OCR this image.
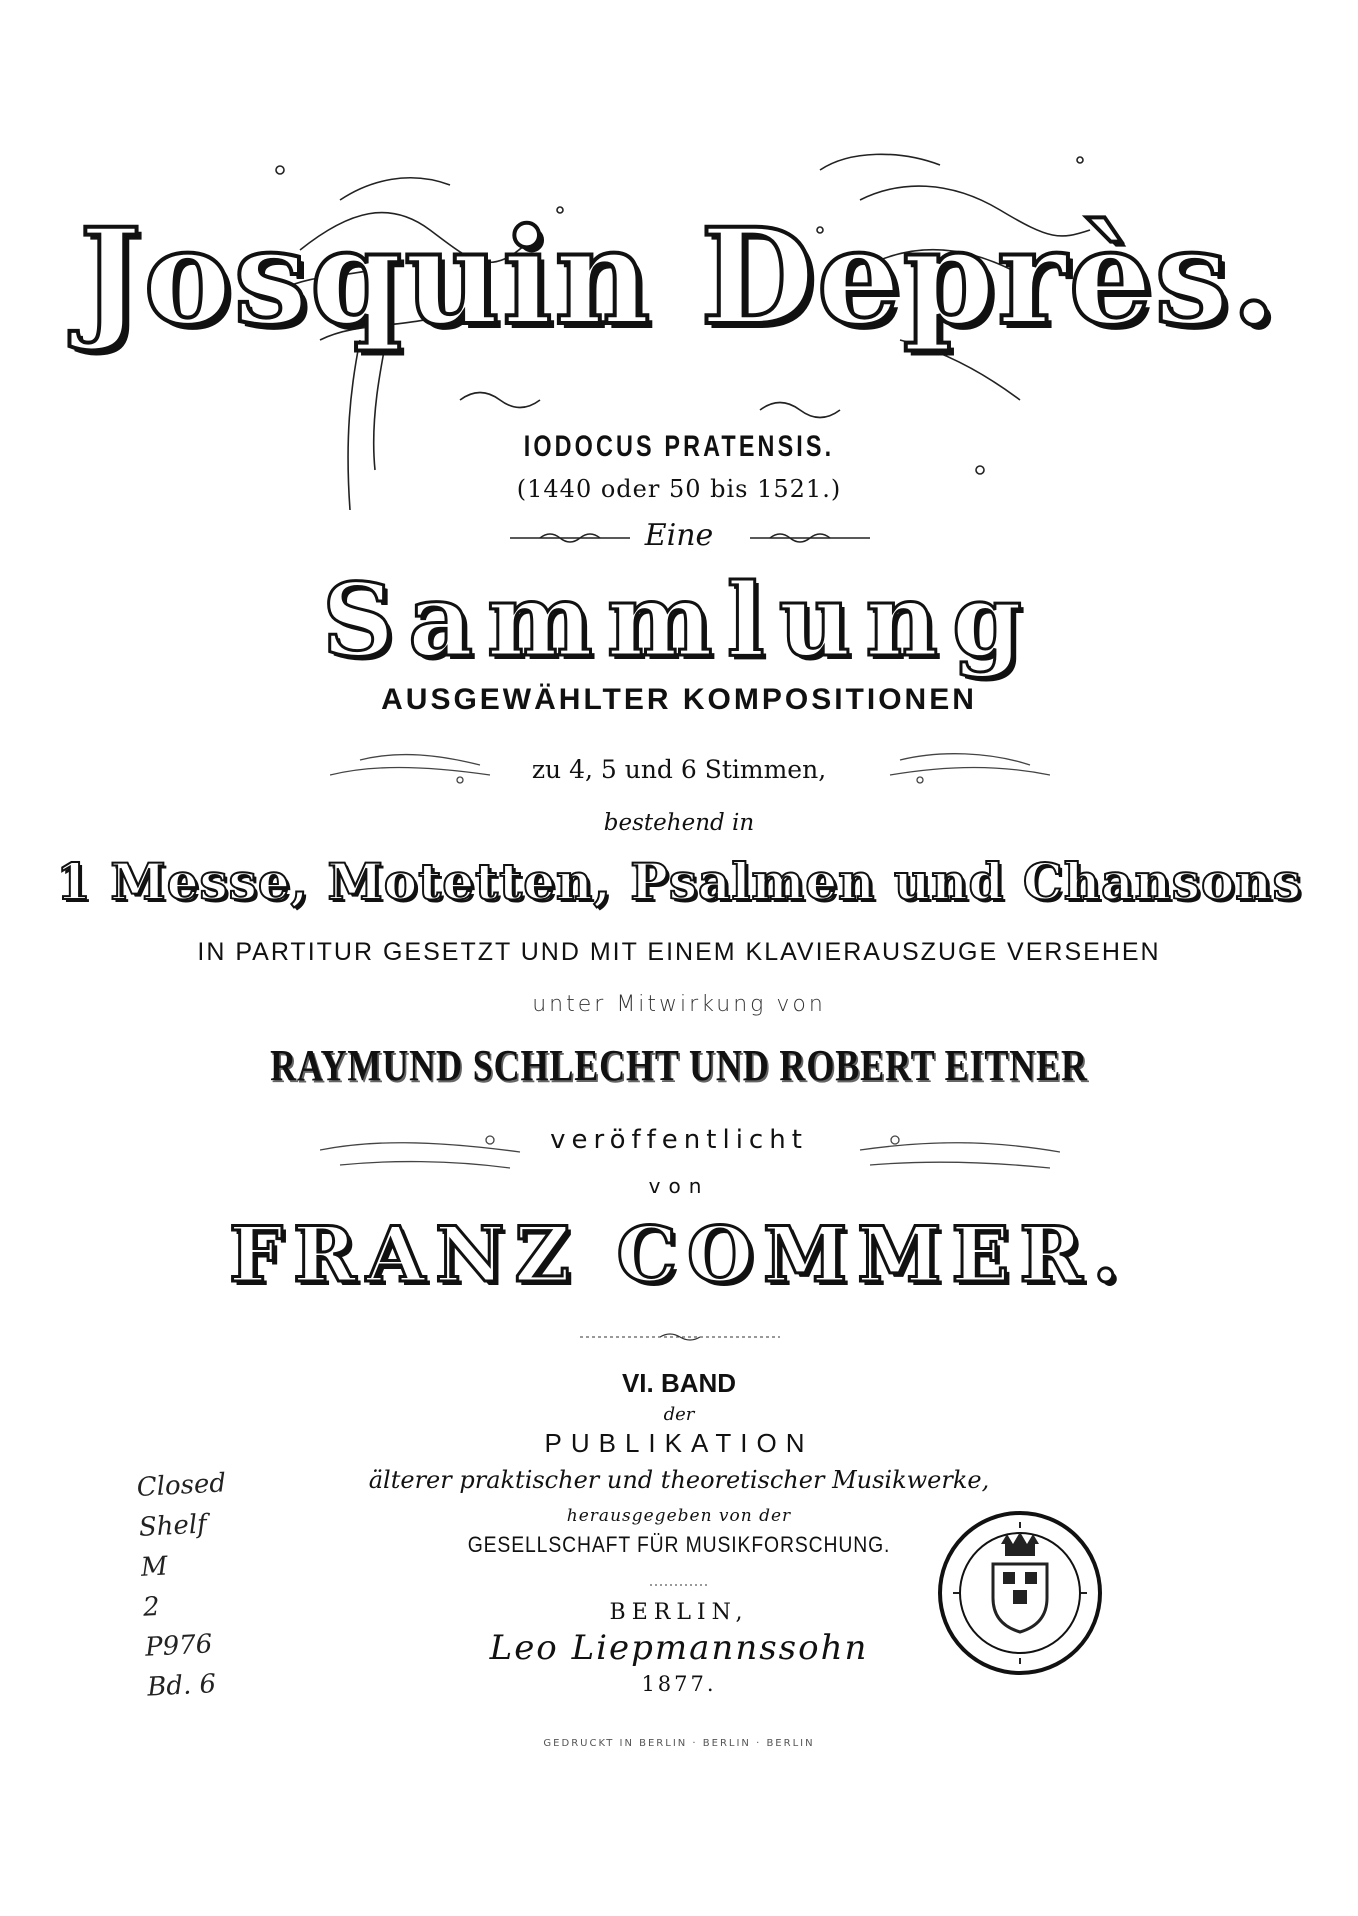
Josquin Deprès.
IODOCUS PRATENSIS.
(1440 oder 50 bis 1521.)
Eine
Sammlung
AUSGEWÄHLTER KOMPOSITIONEN
zu 4, 5 und 6 Stimmen,
bestehend in
1 Messe, Motetten, Psalmen und Chansons
IN PARTITUR GESETZT UND MIT EINEM KLAVIERAUSZUGE VERSEHEN
unter Mitwirkung von
RAYMUND SCHLECHT UND ROBERT EITNER
veröffentlicht
von
FRANZ COMMER.
VI. BAND
der
PUBLIKATION
älterer praktischer und theoretischer Musikwerke,
herausgegeben von der
GESELLSCHAFT FÜR MUSIKFORSCHUNG.
BERLIN,
Leo Liepmannssohn
1877.
GEDRUCKT IN BERLIN · BERLIN · BERLIN
Closed
Shelf
M
2
P976
Bd. 6
